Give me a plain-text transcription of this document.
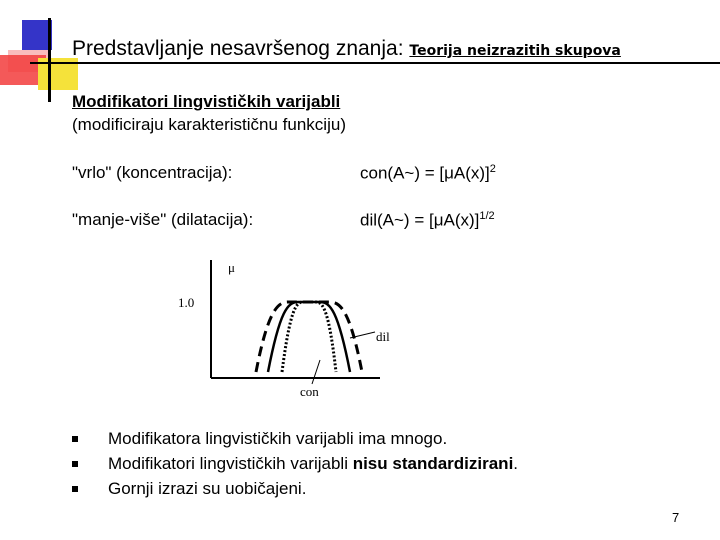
Predstavljanje nesavršenog znanja: Teorija neizrazitih skupova
Modifikatori lingvističkih varijabli
(modificiraju karakterističnu funkciju)
"vrlo" (koncentracija):	con(A~) = $[\mu A(x)]^2$
"manje-više" (dilatacija):	dil(A~) = $[\mu A(x)]^{1/2}$
μ
1.0
dil
con
Modifikatora lingvističkih varijabli ima mnogo.
Modifikatori lingvističkih varijabli nisu standardizirani.
Gornji izrazi su uobičajeni.
7
